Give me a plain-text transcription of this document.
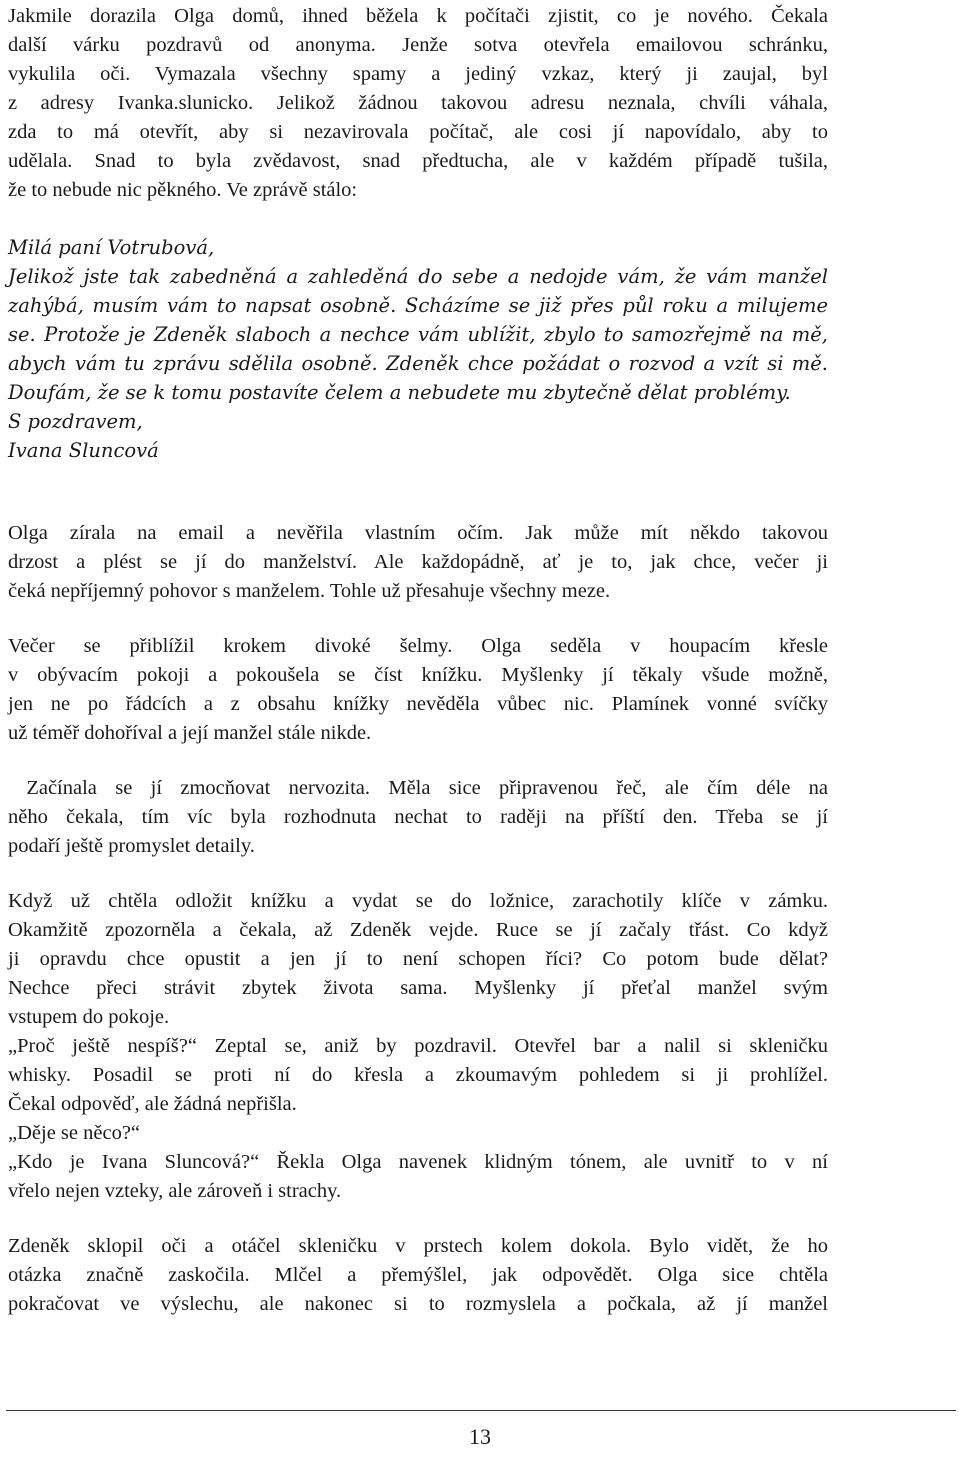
Jakmile dorazila Olga domů, ihned běžela k počítači zjistit, co je nového. Čekala
další várku pozdravů od anonyma. Jenže sotva otevřela emailovou schránku,
vykulila oči. Vymazala všechny spamy a jediný vzkaz, který ji zaujal, byl
z adresy Ivanka.slunicko. Jelikož žádnou takovou adresu neznala, chvíli váhala,
zda to má otevřít, aby si nezavirovala počítač, ale cosi jí napovídalo, aby to
udělala. Snad to byla zvědavost, snad předtucha, ale v každém případě tušila,
že to nebude nic pěkného. Ve zprávě stálo:
Milá paní Votrubová,
Jelikož jste tak zabedněná a zahleděná do sebe a nedojde vám, že vám manžel
zahýbá, musím vám to napsat osobně. Scházíme se již přes půl roku a milujeme
se. Protože je Zdeněk slaboch a nechce vám ublížit, zbylo to samozřejmě na mě,
abych vám tu zprávu sdělila osobně. Zdeněk chce požádat o rozvod a vzít si mě.
Doufám, že se k tomu postavíte čelem a nebudete mu zbytečně dělat problémy.
S pozdravem,
Ivana Sluncová
Olga zírala na email a nevěřila vlastním očím. Jak může mít někdo takovou
drzost a plést se jí do manželství. Ale každopádně, ať je to, jak chce, večer ji
čeká nepříjemný pohovor s manželem. Tohle už přesahuje všechny meze.
Večer se přiblížil krokem divoké šelmy. Olga seděla v houpacím křesle
v obývacím pokoji a pokoušela se číst knížku. Myšlenky jí těkaly všude možně,
jen ne po řádcích a z obsahu knížky nevěděla vůbec nic. Plamínek vonné svíčky
už téměř dohoříval a její manžel stále nikde.
Začínala se jí zmocňovat nervozita. Měla sice připravenou řeč, ale čím déle na
něho čekala, tím víc byla rozhodnuta nechat to raději na příští den. Třeba se jí
podaří ještě promyslet detaily.
Když už chtěla odložit knížku a vydat se do ložnice, zarachotily klíče v zámku.
Okamžitě zpozorněla a čekala, až Zdeněk vejde. Ruce se jí začaly třást. Co když
ji opravdu chce opustit a jen jí to není schopen říci? Co potom bude dělat?
Nechce přeci strávit zbytek života sama. Myšlenky jí přeťal manžel svým
vstupem do pokoje.
„Proč ještě nespíš?“ Zeptal se, aniž by pozdravil. Otevřel bar a nalil si skleničku
whisky. Posadil se proti ní do křesla a zkoumavým pohledem si ji prohlížel.
Čekal odpověď, ale žádná nepřišla.
„Děje se něco?“
„Kdo je Ivana Sluncová?“ Řekla Olga navenek klidným tónem, ale uvnitř to v ní
vřelo nejen vzteky, ale zároveň i strachy.
Zdeněk sklopil oči a otáčel skleničku v prstech kolem dokola. Bylo vidět, že ho
otázka značně zaskočila. Mlčel a přemýšlel, jak odpovědět. Olga sice chtěla
pokračovat ve výslechu, ale nakonec si to rozmyslela a počkala, až jí manžel
13
